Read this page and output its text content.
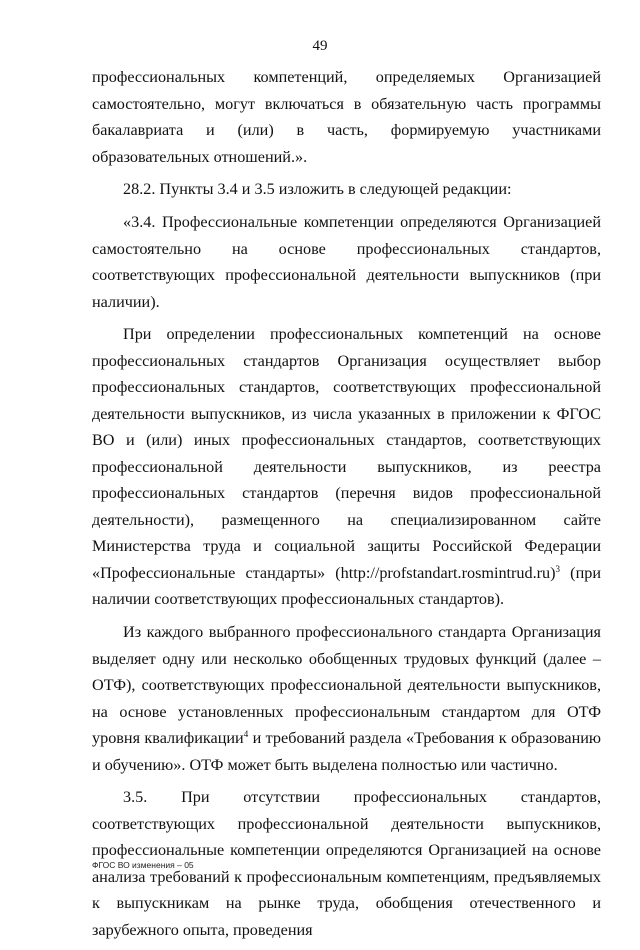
49

профессиональных компетенций, определяемых Организацией самостоятельно, могут включаться в обязательную часть программы бакалавриата и (или) в часть, формируемую участниками образовательных отношений.».

28.2. Пункты 3.4 и 3.5 изложить в следующей редакции:

«3.4. Профессиональные компетенции определяются Организацией самостоятельно на основе профессиональных стандартов, соответствующих профессиональной деятельности выпускников (при наличии).

При определении профессиональных компетенций на основе профессиональных стандартов Организация осуществляет выбор профессиональных стандартов, соответствующих профессиональной деятельности выпускников, из числа указанных в приложении к ФГОС ВО и (или) иных профессиональных стандартов, соответствующих профессиональной деятельности выпускников, из реестра профессиональных стандартов (перечня видов профессиональной деятельности), размещенного на специализированном сайте Министерства труда и социальной защиты Российской Федерации «Профессиональные стандарты» (http://profstandart.rosmintrud.ru)$^3$ (при наличии соответствующих профессиональных стандартов).

Из каждого выбранного профессионального стандарта Организация выделяет одну или несколько обобщенных трудовых функций (далее – ОТФ), соответствующих профессиональной деятельности выпускников, на основе установленных профессиональным стандартом для ОТФ уровня квалификации$^4$ и требований раздела «Требования к образованию и обучению». ОТФ может быть выделена полностью или частично.

3.5. При отсутствии профессиональных стандартов, соответствующих профессиональной деятельности выпускников, профессиональные компетенции определяются Организацией на основе анализа требований к профессиональным компетенциям, предъявляемых к выпускникам на рынке труда, обобщения отечественного и зарубежного опыта, проведения

ФГОС ВО изменения – 05
